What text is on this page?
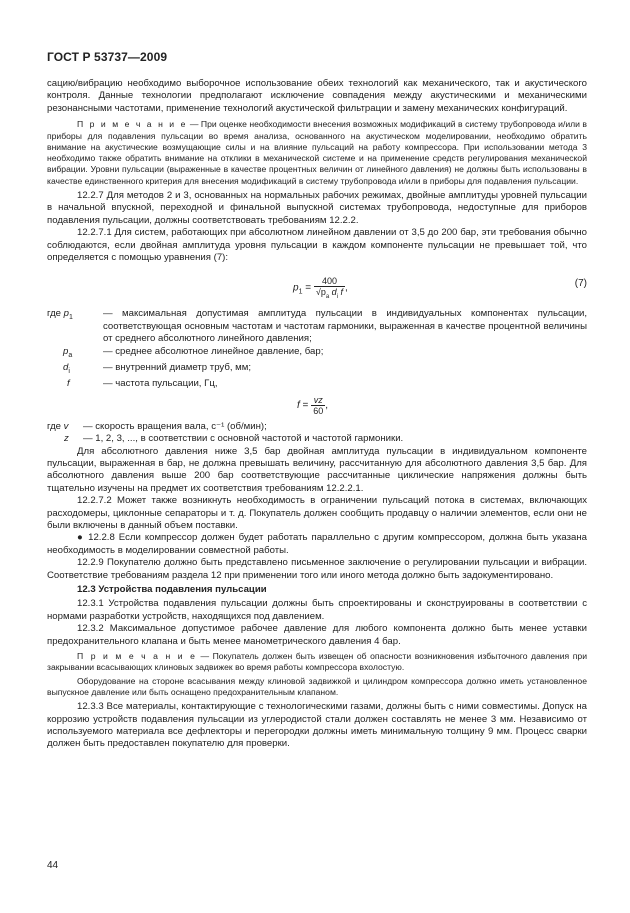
ГОСТ Р 53737—2009

сацию/вибрацию необходимо выборочное использование обеих технологий как механического, так и акустического контроля. Данные технологии предполагают исключение совпадения между акустическими и механическими резонансными частотами, применение технологий акустической фильтрации и замену механических конфигураций.

П р и м е ч а н и е — При оценке необходимости внесения возможных модификаций в систему трубопровода и/или в приборы для подавления пульсации во время анализа, основанного на акустическом моделировании, необходимо обратить внимание на акустические возмущающие силы и на влияние пульсаций на работу компрессора. При использовании метода 3 необходимо также обратить внимание на отклики в механической системе и на применение средств регулирования механической вибрации. Уровни пульсации (выраженные в качестве процентных величин от линейного давления) не должны быть использованы в качестве единственного критерия для внесения модификаций в систему трубопровода и/или в приборы для подавления пульсации.

12.2.7 Для методов 2 и 3, основанных на нормальных рабочих режимах, двойные амплитуды уровней пульсации в начальной впускной, переходной и финальной выпускной системах трубопровода, недоступные для приборов подавления пульсации, должны соответствовать требованиям 12.2.2.

12.2.7.1 Для систем, работающих при абсолютном линейном давлении от 3,5 до 200 бар, эти требования обычно соблюдаются, если двойная амплитуда уровня пульсации в каждом компоненте пульсации не превышает той, что определяется с помощью уравнения (7):

$p_1 = \frac{400}{√p_a d_i f}$ ,	(7)
где $p_1$	— максимальная допустимая амплитуда пульсации в индивидуальных компонентах пульсации, соответствующая основным частотам и частотам гармоники, выраженная в качестве процентной величины от среднего абсолютного линейного давления;
$p_a$	— среднее абсолютное линейное давление, бар;
$d_i$	— внутренний диаметр труб, мм;
f	— частота пульсации, Гц,
$f = \frac{vz}{60}$ ,
где v	— скорость вращения вала, с⁻¹ (об/мин);
z	— 1, 2, 3, ..., в соответствии с основной частотой и частотой гармоники.

Для абсолютного давления ниже 3,5 бар двойная амплитуда пульсации в индивидуальном компоненте пульсации, выраженная в бар, не должна превышать величину, рассчитанную для абсолютного давления 3,5 бар. Для абсолютного давления выше 200 бар соответствующие рассчитанные циклические напряжения должны быть тщательно изучены на предмет их соответствия требованиям 12.2.2.1.

12.2.7.2 Может также возникнуть необходимость в ограничении пульсаций потока в системах, включающих расходомеры, циклонные сепараторы и т. д. Покупатель должен сообщить продавцу о наличии элементов, если они не были включены в данный объем поставки.

● 12.2.8 Если компрессор должен будет работать параллельно с другим компрессором, должна быть указана необходимость в моделировании совместной работы.

12.2.9 Покупателю должно быть представлено письменное заключение о регулировании пульсации и вибрации. Соответствие требованиям раздела 12 при применении того или иного метода должно быть задокументировано.

12.3 Устройства подавления пульсации

12.3.1 Устройства подавления пульсации должны быть спроектированы и сконструированы в соответствии с нормами разработки устройств, находящихся под давлением.

12.3.2 Максимальное допустимое рабочее давление для любого компонента должно быть менее уставки предохранительного клапана и быть менее манометрического давления 4 бар.

П р и м е ч а н и е — Покупатель должен быть извещен об опасности возникновения избыточного давления при закрывании всасывающих клиновых задвижек во время работы компрессора вхолостую.

Оборудование на стороне всасывания между клиновой задвижкой и цилиндром компрессора должно иметь установленное выпускное давление или быть оснащено предохранительным клапаном.

12.3.3 Все материалы, контактирующие с технологическими газами, должны быть с ними совместимы. Допуск на коррозию устройств подавления пульсации из углеродистой стали должен составлять не менее 3 мм. Независимо от используемого материала все дефлекторы и перегородки должны иметь минимальную толщину 9 мм. Процесс сварки должен быть предоставлен покупателю для проверки.

44
